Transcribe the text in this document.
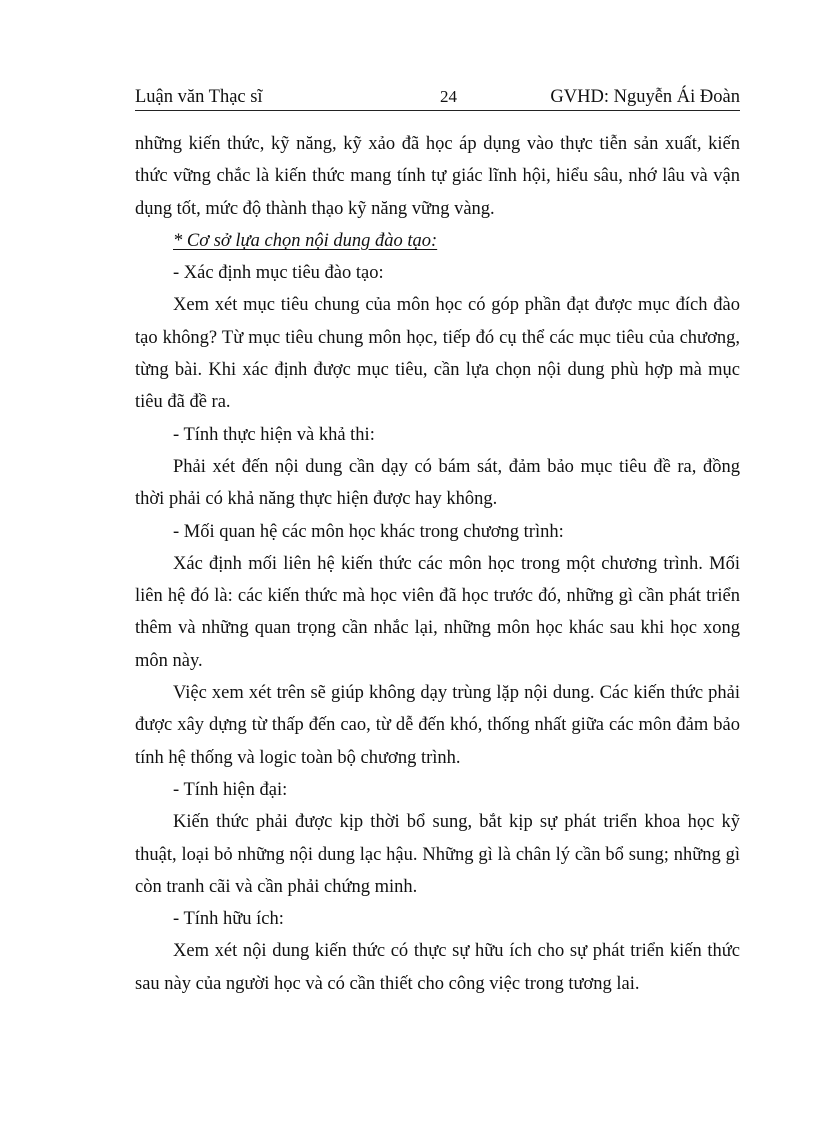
Luận văn Thạc sĩ	24	GVHD: Nguyễn Ái Đoàn

những kiến thức, kỹ năng, kỹ xảo đã học áp dụng vào thực tiễn sản xuất, kiến thức vững chắc là kiến thức mang tính tự giác lĩnh hội, hiểu sâu, nhớ lâu và vận dụng tốt, mức độ thành thạo kỹ năng vững vàng.

* Cơ sở lựa chọn nội dung đào tạo:

- Xác định mục tiêu đào tạo:

Xem xét mục tiêu chung của môn học có góp phần đạt được mục đích đào tạo không? Từ mục tiêu chung môn học, tiếp đó cụ thể các mục tiêu của chương, từng bài. Khi xác định được mục tiêu, cần lựa chọn nội dung phù hợp mà mục tiêu đã đề ra.

- Tính thực hiện và khả thi:

Phải xét đến nội dung cần dạy có bám sát, đảm bảo mục tiêu đề ra, đồng thời phải có khả năng thực hiện được hay không.

- Mối quan hệ các môn học khác trong chương trình:

Xác định mối liên hệ kiến thức các môn học trong một chương trình. Mối liên hệ đó là: các kiến thức mà học viên đã học trước đó, những gì cần phát triển thêm và những quan trọng cần nhắc lại, những môn học khác sau khi học xong môn này.

Việc xem xét trên sẽ giúp không dạy trùng lặp nội dung. Các kiến thức phải được xây dựng từ thấp đến cao, từ dễ đến khó, thống nhất giữa các môn đảm bảo tính hệ thống và logic toàn bộ chương trình.

- Tính hiện đại:

Kiến thức phải được kịp thời bổ sung, bắt kịp sự phát triển khoa học kỹ thuật, loại bỏ những nội dung lạc hậu. Những gì là chân lý cần bổ sung; những gì còn tranh cãi và cần phải chứng minh.

- Tính hữu ích:

Xem xét nội dung kiến thức có thực sự hữu ích cho sự phát triển kiến thức sau này của người học và có cần thiết cho công việc trong tương lai.
